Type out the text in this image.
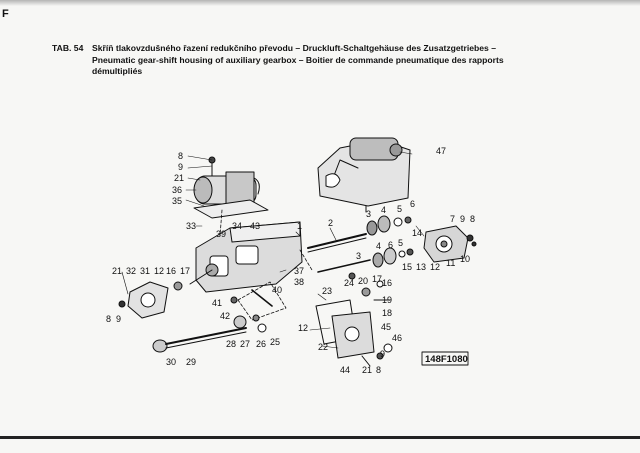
F
TAB. 54 Skříň tlakovzdušného řazení redukčního převodu – Druckluft-Schaltgehäuse des Zusatzgetriebes –
Pneumatic gear-shift housing of auxiliary gearbox – Boitier de commande pneumatique des rapports
démultipliés
8
9
21
36
35
47
33
39
34 43	1	2
3 4 5 6
7 9 8
14
3
4 6 5
15 13 12 11 10
21 32 31 12 16 17	37
38	24 20 17 16
19
18
23
41
40
42
8 9
28 27 26 25
12
22
45
46
9
30 29
44 21 8
148F1080
